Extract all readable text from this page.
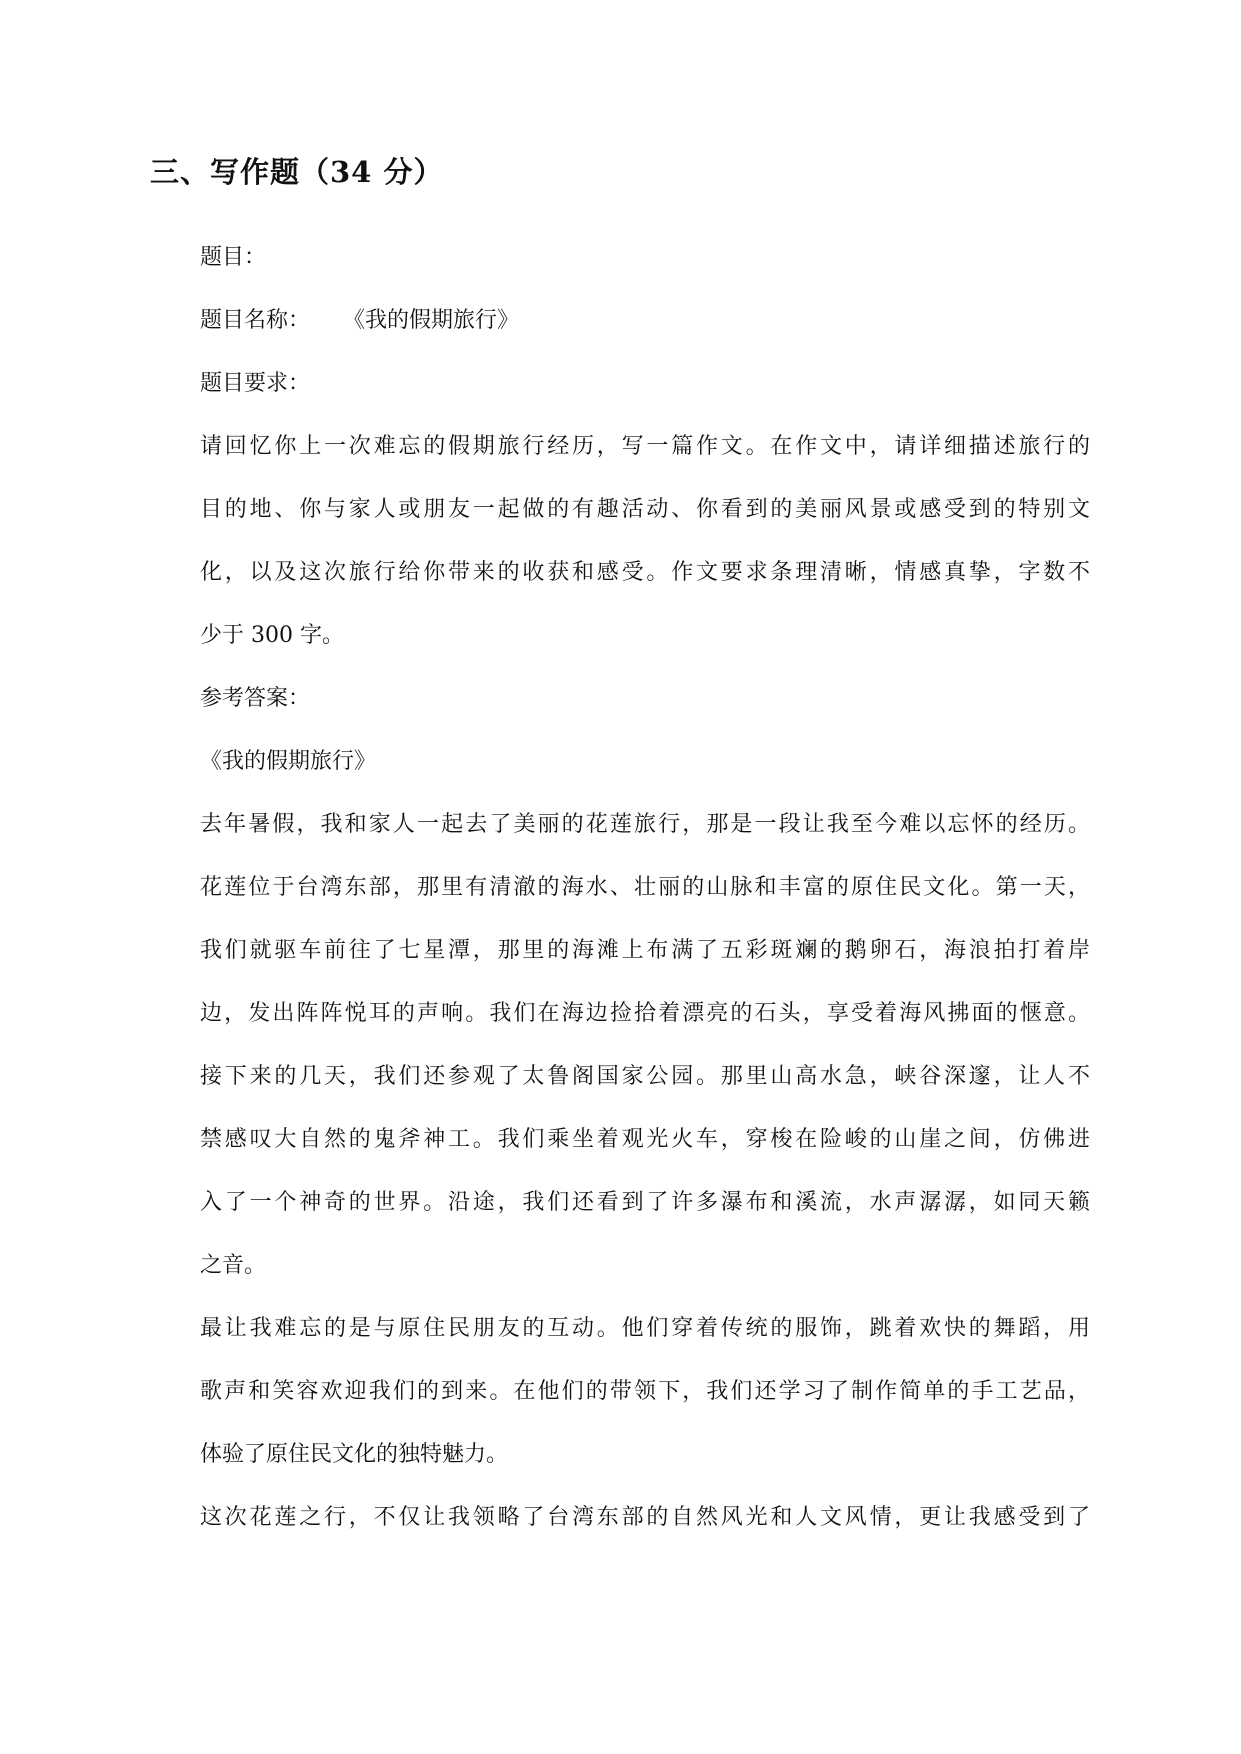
三、写作题（34 分）
题目：
题目名称： 《我的假期旅行》
题目要求：
请回忆你上一次难忘的假期旅行经历，写一篇作文。在作文中，请详细描述旅行的
目的地、你与家人或朋友一起做的有趣活动、你看到的美丽风景或感受到的特别文
化，以及这次旅行给你带来的收获和感受。作文要求条理清晰，情感真挚，字数不
少于 300 字。
参考答案：
《我的假期旅行》
去年暑假，我和家人一起去了美丽的花莲旅行，那是一段让我至今难以忘怀的经历。
花莲位于台湾东部，那里有清澈的海水、壮丽的山脉和丰富的原住民文化。第一天，
我们就驱车前往了七星潭，那里的海滩上布满了五彩斑斓的鹅卵石，海浪拍打着岸
边，发出阵阵悦耳的声响。我们在海边捡拾着漂亮的石头，享受着海风拂面的惬意。
接下来的几天，我们还参观了太鲁阁国家公园。那里山高水急，峡谷深邃，让人不
禁感叹大自然的鬼斧神工。我们乘坐着观光火车，穿梭在险峻的山崖之间，仿佛进
入了一个神奇的世界。沿途，我们还看到了许多瀑布和溪流，水声潺潺，如同天籁
之音。
最让我难忘的是与原住民朋友的互动。他们穿着传统的服饰，跳着欢快的舞蹈，用
歌声和笑容欢迎我们的到来。在他们的带领下，我们还学习了制作简单的手工艺品，
体验了原住民文化的独特魅力。
这次花莲之行，不仅让我领略了台湾东部的自然风光和人文风情，更让我感受到了
